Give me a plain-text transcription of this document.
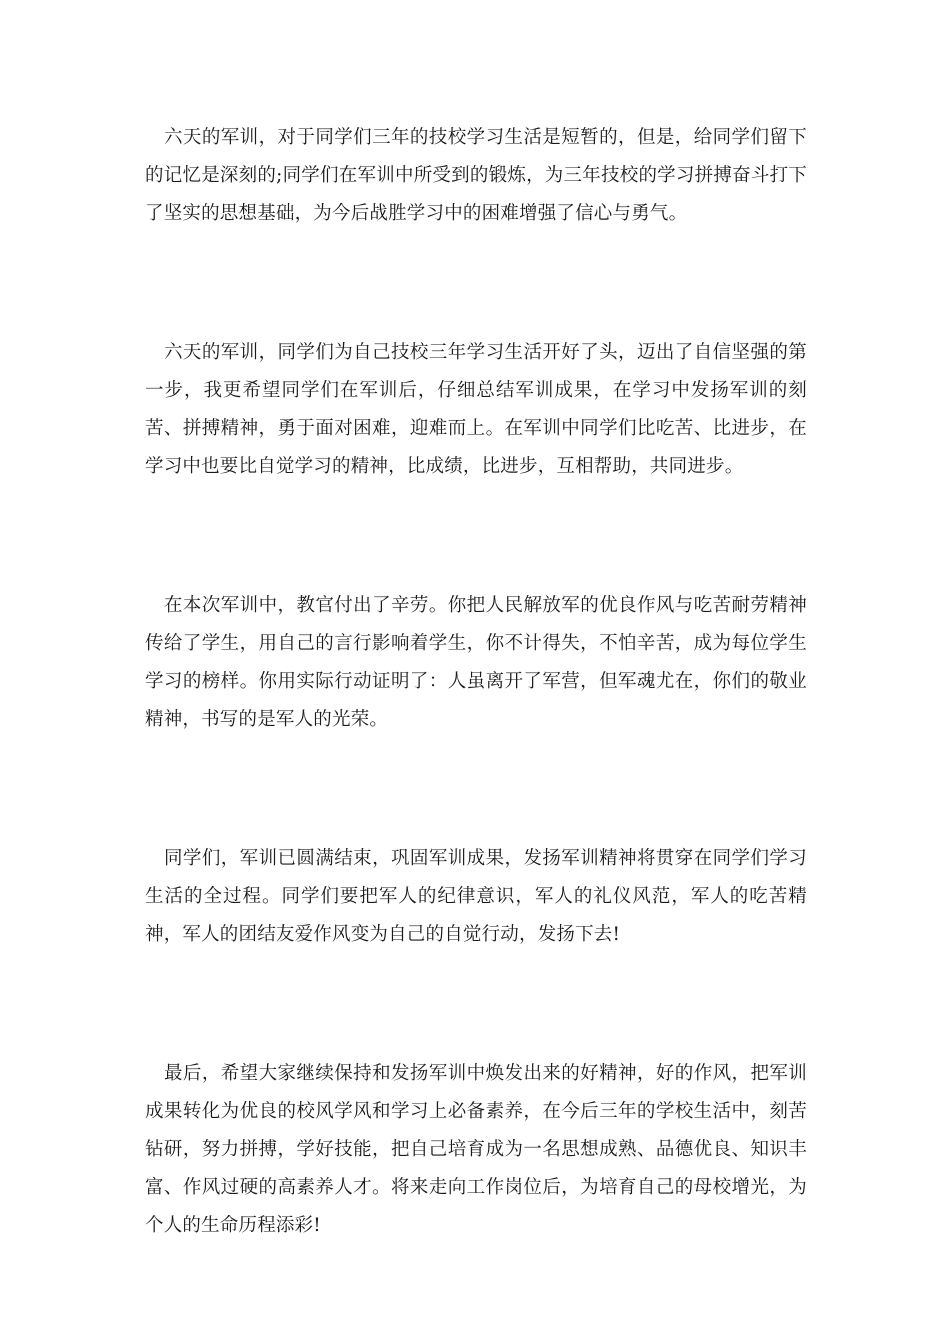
六天的军训，对于同学们三年的技校学习生活是短暂的，但是，给同学们留下的记忆是深刻的;同学们在军训中所受到的锻炼，为三年技校的学习拼搏奋斗打下了坚实的思想基础，为今后战胜学习中的困难增强了信心与勇气。

六天的军训，同学们为自己技校三年学习生活开好了头，迈出了自信坚强的第一步，我更希望同学们在军训后，仔细总结军训成果，在学习中发扬军训的刻苦、拼搏精神，勇于面对困难，迎难而上。在军训中同学们比吃苦、比进步，在学习中也要比自觉学习的精神，比成绩，比进步，互相帮助，共同进步。

在本次军训中，教官付出了辛劳。你把人民解放军的优良作风与吃苦耐劳精神传给了学生，用自己的言行影响着学生，你不计得失，不怕辛苦，成为每位学生学习的榜样。你用实际行动证明了：人虽离开了军营，但军魂尤在，你们的敬业精神，书写的是军人的光荣。

同学们，军训已圆满结束，巩固军训成果，发扬军训精神将贯穿在同学们学习生活的全过程。同学们要把军人的纪律意识，军人的礼仪风范，军人的吃苦精神，军人的团结友爱作风变为自己的自觉行动，发扬下去!

最后，希望大家继续保持和发扬军训中焕发出来的好精神，好的作风，把军训成果转化为优良的校风学风和学习上必备素养，在今后三年的学校生活中，刻苦钻研，努力拼搏，学好技能，把自己培育成为一名思想成熟、品德优良、知识丰富、作风过硬的高素养人才。将来走向工作岗位后，为培育自己的母校增光，为个人的生命历程添彩!
